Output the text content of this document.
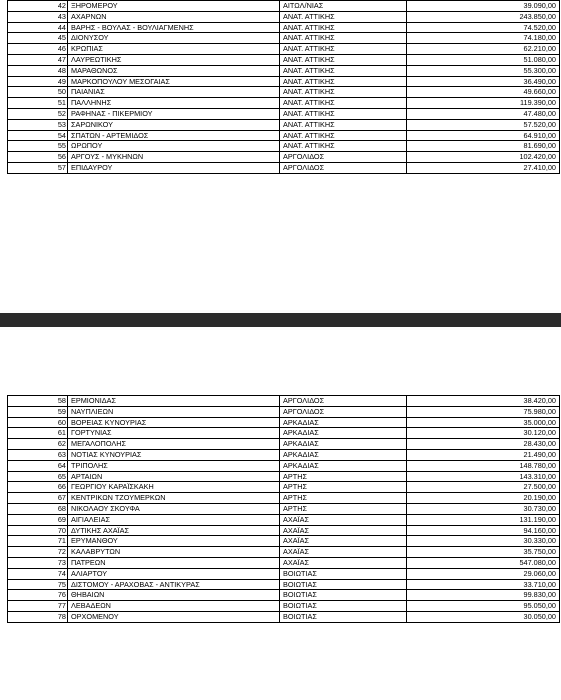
42	ΞΗΡΟΜΕΡΟΥ	ΑΙΤΩΛ/ΝΙΑΣ	39.090,00
43	ΑΧΑΡΝΩΝ	ΑΝΑΤ. ΑΤΤΙΚΗΣ	243.850,00
44	ΒΑΡΗΣ - ΒΟΥΛΑΣ - ΒΟΥΛΙΑΓΜΕΝΗΣ	ΑΝΑΤ. ΑΤΤΙΚΗΣ	74.520,00
45	ΔΙΟΝΥΣΟΥ	ΑΝΑΤ. ΑΤΤΙΚΗΣ	74.180,00
46	ΚΡΩΠΙΑΣ	ΑΝΑΤ. ΑΤΤΙΚΗΣ	62.210,00
47	ΛΑΥΡΕΩΤΙΚΗΣ	ΑΝΑΤ. ΑΤΤΙΚΗΣ	51.080,00
48	ΜΑΡΑΘΩΝΟΣ	ΑΝΑΤ. ΑΤΤΙΚΗΣ	55.300,00
49	ΜΑΡΚΟΠΟΥΛΟΥ ΜΕΣΟΓΑΙΑΣ	ΑΝΑΤ. ΑΤΤΙΚΗΣ	36.490,00
50	ΠΑΙΑΝΙΑΣ	ΑΝΑΤ. ΑΤΤΙΚΗΣ	49.660,00
51	ΠΑΛΛΗΝΗΣ	ΑΝΑΤ. ΑΤΤΙΚΗΣ	119.390,00
52	ΡΑΦΗΝΑΣ - ΠΙΚΕΡΜΙΟΥ	ΑΝΑΤ. ΑΤΤΙΚΗΣ	47.480,00
53	ΣΑΡΩΝΙΚΟΥ	ΑΝΑΤ. ΑΤΤΙΚΗΣ	57.520,00
54	ΣΠΑΤΩΝ - ΑΡΤΕΜΙΔΟΣ	ΑΝΑΤ. ΑΤΤΙΚΗΣ	64.910,00
55	ΩΡΩΠΟΥ	ΑΝΑΤ. ΑΤΤΙΚΗΣ	81.690,00
56	ΑΡΓΟΥΣ - ΜΥΚΗΝΩΝ	ΑΡΓΟΛΙΔΟΣ	102.420,00
57	ΕΠΙΔΑΥΡΟΥ	ΑΡΓΟΛΙΔΟΣ	27.410,00
58	ΕΡΜΙΟΝΙΔΑΣ	ΑΡΓΟΛΙΔΟΣ	38.420,00
59	ΝΑΥΠΛΙΕΩΝ	ΑΡΓΟΛΙΔΟΣ	75.980,00
60	ΒΟΡΕΙΑΣ ΚΥΝΟΥΡΙΑΣ	ΑΡΚΑΔΙΑΣ	35.000,00
61	ΓΟΡΤΥΝΙΑΣ	ΑΡΚΑΔΙΑΣ	30.120,00
62	ΜΕΓΑΛΟΠΟΛΗΣ	ΑΡΚΑΔΙΑΣ	28.430,00
63	ΝΟΤΙΑΣ ΚΥΝΟΥΡΙΑΣ	ΑΡΚΑΔΙΑΣ	21.490,00
64	ΤΡΙΠΟΛΗΣ	ΑΡΚΑΔΙΑΣ	148.780,00
65	ΑΡΤΑΙΩΝ	ΑΡΤΗΣ	143.310,00
66	ΓΕΩΡΓΙΟΥ ΚΑΡΑΪΣΚΑΚΗ	ΑΡΤΗΣ	27.500,00
67	ΚΕΝΤΡΙΚΩΝ ΤΖΟΥΜΕΡΚΩΝ	ΑΡΤΗΣ	20.190,00
68	ΝΙΚΟΛΑΟΥ ΣΚΟΥΦΑ	ΑΡΤΗΣ	30.730,00
69	ΑΙΓΙΑΛΕΙΑΣ	ΑΧΑΪΑΣ	131.190,00
70	ΔΥΤΙΚΗΣ ΑΧΑΪΑΣ	ΑΧΑΪΑΣ	94.160,00
71	ΕΡΥΜΑΝΘΟΥ	ΑΧΑΪΑΣ	30.330,00
72	ΚΑΛΑΒΡΥΤΩΝ	ΑΧΑΪΑΣ	35.750,00
73	ΠΑΤΡΕΩΝ	ΑΧΑΪΑΣ	547.080,00
74	ΑΛΙΑΡΤΟΥ	ΒΟΙΩΤΙΑΣ	29.060,00
75	ΔΙΣΤΟΜΟΥ - ΑΡΑΧΟΒΑΣ - ΑΝΤΙΚΥΡΑΣ	ΒΟΙΩΤΙΑΣ	33.710,00
76	ΘΗΒΑΙΩΝ	ΒΟΙΩΤΙΑΣ	99.830,00
77	ΛΕΒΑΔΕΩΝ	ΒΟΙΩΤΙΑΣ	95.050,00
78	ΟΡΧΟΜΕΝΟΥ	ΒΟΙΩΤΙΑΣ	30.050,00
